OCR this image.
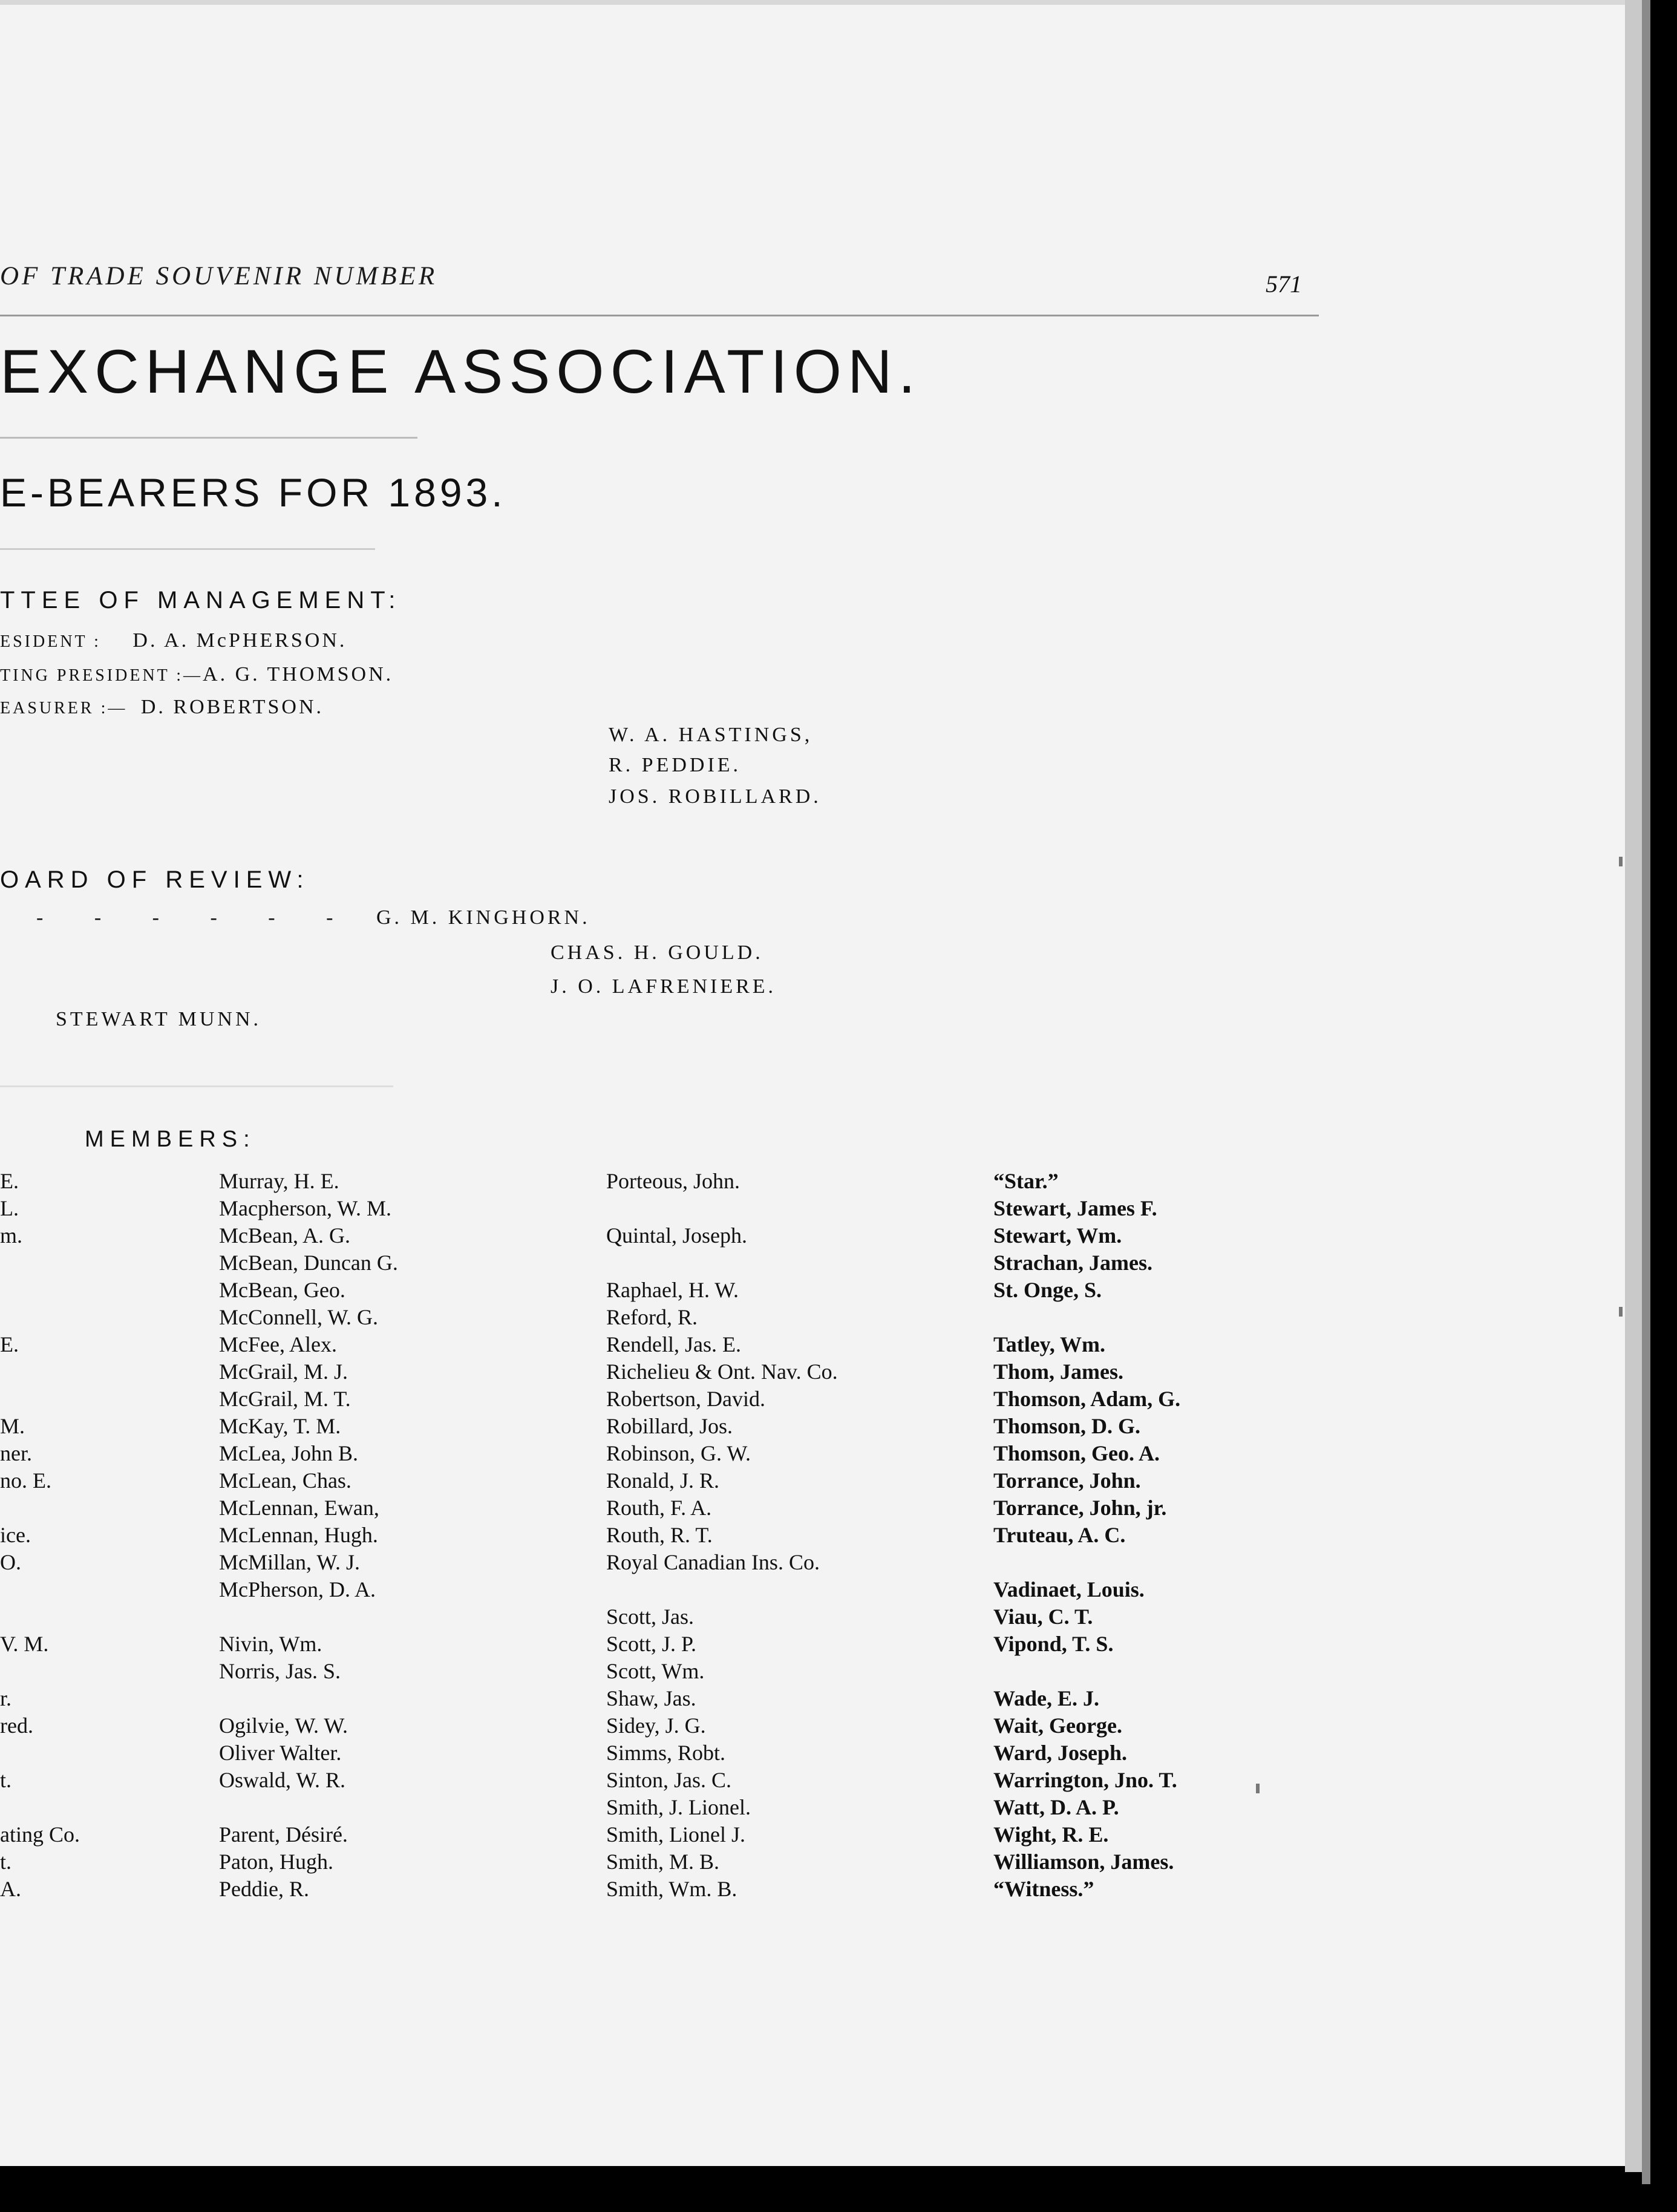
OF TRADE SOUVENIR NUMBER	571
EXCHANGE ASSOCIATION.
E-BEARERS FOR 1893.
TTEE OF MANAGEMENT:
ESIDENT : D. A. McPHERSON.
TING PRESIDENT :—A. G. THOMSON.
EASURER :— D. ROBERTSON.
W. A. HASTINGS,
R. PEDDIE.
JOS. ROBILLARD.
OARD OF REVIEW:
- - - - - - G. M. KINGHORN.
CHAS. H. GOULD.
J. O. LAFRENIERE.
STEWART MUNN.
MEMBERS:
E.
L.
m.
E.
M.
ner.
no. E.
ice.
O.
V. M.
r.
red.
t.
ating Co.
t.
A.
Murray, H. E.
Macpherson, W. M.
McBean, A. G.
McBean, Duncan G.
McBean, Geo.
McConnell, W. G.
McFee, Alex.
McGrail, M. J.
McGrail, M. T.
McKay, T. M.
McLea, John B.
McLean, Chas.
McLennan, Ewan,
McLennan, Hugh.
McMillan, W. J.
McPherson, D. A.
Nivin, Wm.
Norris, Jas. S.
Ogilvie, W. W.
Oliver Walter.
Oswald, W. R.
Parent, Désiré.
Paton, Hugh.
Peddie, R.
Porteous, John.
Quintal, Joseph.
Raphael, H. W.
Reford, R.
Rendell, Jas. E.
Richelieu & Ont. Nav. Co.
Robertson, David.
Robillard, Jos.
Robinson, G. W.
Ronald, J. R.
Routh, F. A.
Routh, R. T.
Royal Canadian Ins. Co.
Scott, Jas.
Scott, J. P.
Scott, Wm.
Shaw, Jas.
Sidey, J. G.
Simms, Robt.
Sinton, Jas. C.
Smith, J. Lionel.
Smith, Lionel J.
Smith, M. B.
Smith, Wm. B.
“Star.”
Stewart, James F.
Stewart, Wm.
Strachan, James.
St. Onge, S.
Tatley, Wm.
Thom, James.
Thomson, Adam, G.
Thomson, D. G.
Thomson, Geo. A.
Torrance, John.
Torrance, John, jr.
Truteau, A. C.
Vadinaet, Louis.
Viau, C. T.
Vipond, T. S.
Wade, E. J.
Wait, George.
Ward, Joseph.
Warrington, Jno. T.
Watt, D. A. P.
Wight, R. E.
Williamson, James.
“Witness.”
